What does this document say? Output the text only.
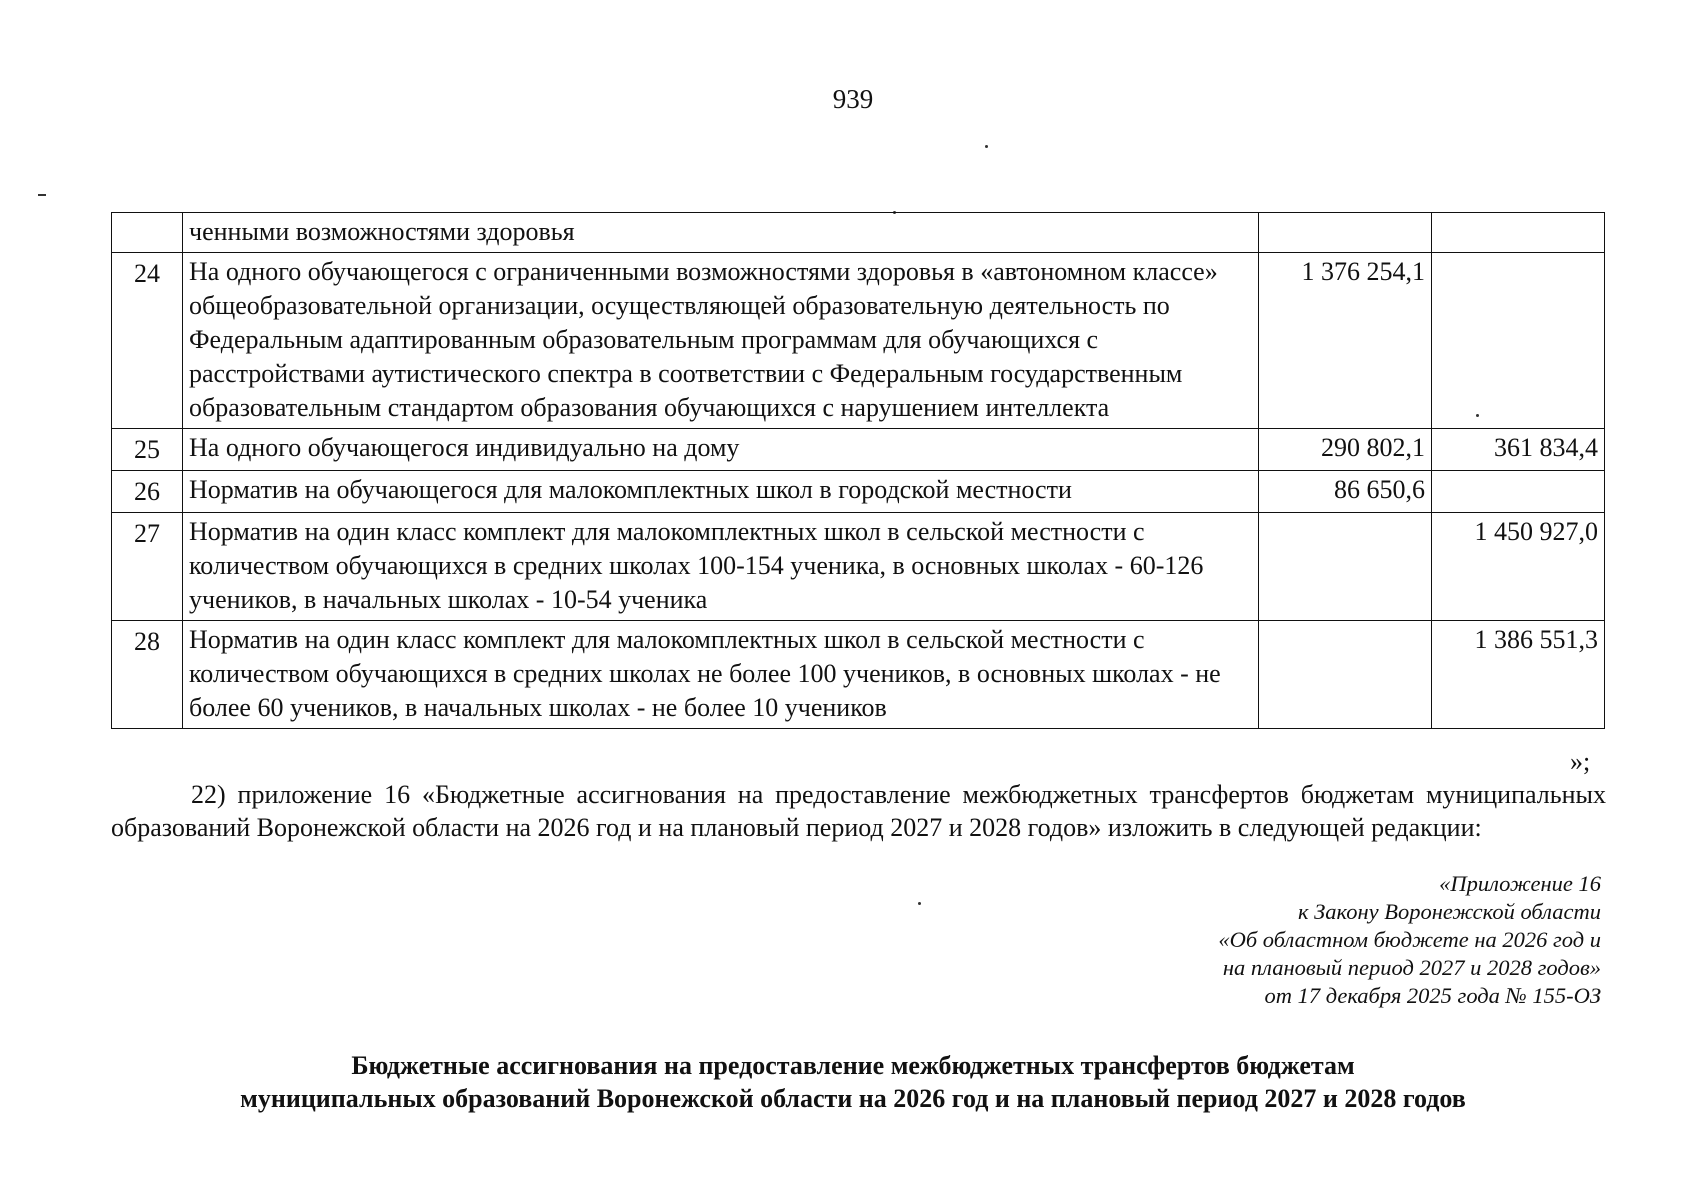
939
	ченными возможностями здоровья		
24	На одного обучающегося с ограниченными возможностями здоровья в «автономном классе» общеобразовательной организации, осуществляющей образовательную деятельность по Федеральным адаптированным образовательным программам для обучающихся с расстройствами аутистического спектра в соответствии с Федеральным государственным образовательным стандартом образования обучающихся с нарушением интеллекта	1 376 254,1	
25	На одного обучающегося индивидуально на дому	290 802,1	361 834,4
26	Норматив на обучающегося для малокомплектных школ в городской местности	86 650,6	
27	Норматив на один класс комплект для малокомплектных школ в сельской местности с количеством обучающихся в средних школах 100-154 ученика, в основных школах - 60-126 учеников, в начальных школах - 10-54 ученика		1 450 927,0
28	Норматив на один класс комплект для малокомплектных школ в сельской местности с количеством обучающихся в средних школах не более 100 учеников, в основных школах - не более 60 учеников, в начальных школах - не более 10 учеников		1 386 551,3
»;
22) приложение 16 «Бюджетные ассигнования на предоставление межбюджетных трансфертов бюджетам муниципальных образований Воронежской области на 2026 год и на плановый период 2027 и 2028 годов» изложить в следующей редакции:
«Приложение 16
к Закону Воронежской области
«Об областном бюджете на 2026 год и
на плановый период 2027 и 2028 годов»
от 17 декабря 2025 года № 155-ОЗ
Бюджетные ассигнования на предоставление межбюджетных трансфертов бюджетам
муниципальных образований Воронежской области на 2026 год и на плановый период 2027 и 2028 годов
